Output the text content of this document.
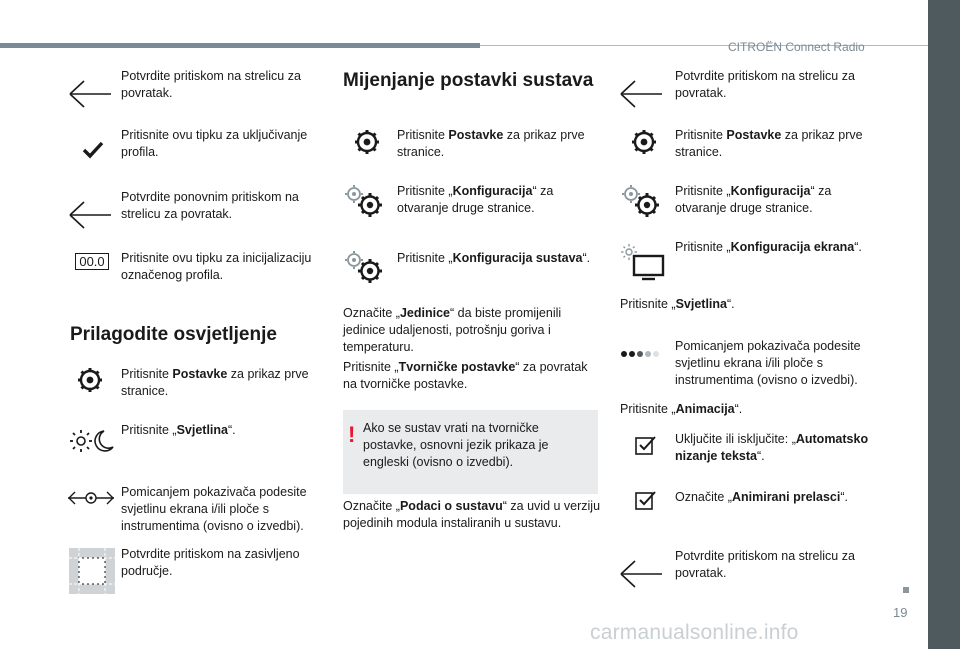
CITROËN Connect Radio
19
carmanualsonline.info
Potvrdite pritiskom na strelicu za povratak.
Pritisnite ovu tipku za uključivanje profila.
Potvrdite ponovnim pritiskom na strelicu za povratak.
00.0	Pritisnite ovu tipku za inicijalizaciju označenog profila.
Prilagodite osvjetljenje
Pritisnite Postavke za prikaz prve stranice.
Pritisnite „Svjetlina“.
Pomicanjem pokazivača podesite svjetlinu ekrana i/ili ploče s instrumentima (ovisno o izvedbi).
Potvrdite pritiskom na zasivljeno područje.
Mijenjanje postavki sustava
Pritisnite Postavke za prikaz prve stranice.
Pritisnite „Konfiguracija“ za otvaranje druge stranice.
Pritisnite „Konfiguracija sustava“.
Označite „Jedinice“ da biste promijenili jedinice udaljenosti, potrošnju goriva i temperaturu.
Pritisnite „Tvorničke postavke“ za povratak na tvorničke postavke.
! Ako se sustav vrati na tvorničke postavke, osnovni jezik prikaza je engleski (ovisno o izvedbi).
Označite „Podaci o sustavu“ za uvid u verziju pojedinih modula instaliranih u sustavu.
Potvrdite pritiskom na strelicu za povratak.
Pritisnite Postavke za prikaz prve stranice.
Pritisnite „Konfiguracija“ za otvaranje druge stranice.
Pritisnite „Konfiguracija ekrana“.
Pritisnite „Svjetlina“.
Pomicanjem pokazivača podesite svjetlinu ekrana i/ili ploče s instrumentima (ovisno o izvedbi).
Pritisnite „Animacija“.
Uključite ili isključite: „Automatsko nizanje teksta“.
Označite „Animirani prelasci“.
Potvrdite pritiskom na strelicu za povratak.
